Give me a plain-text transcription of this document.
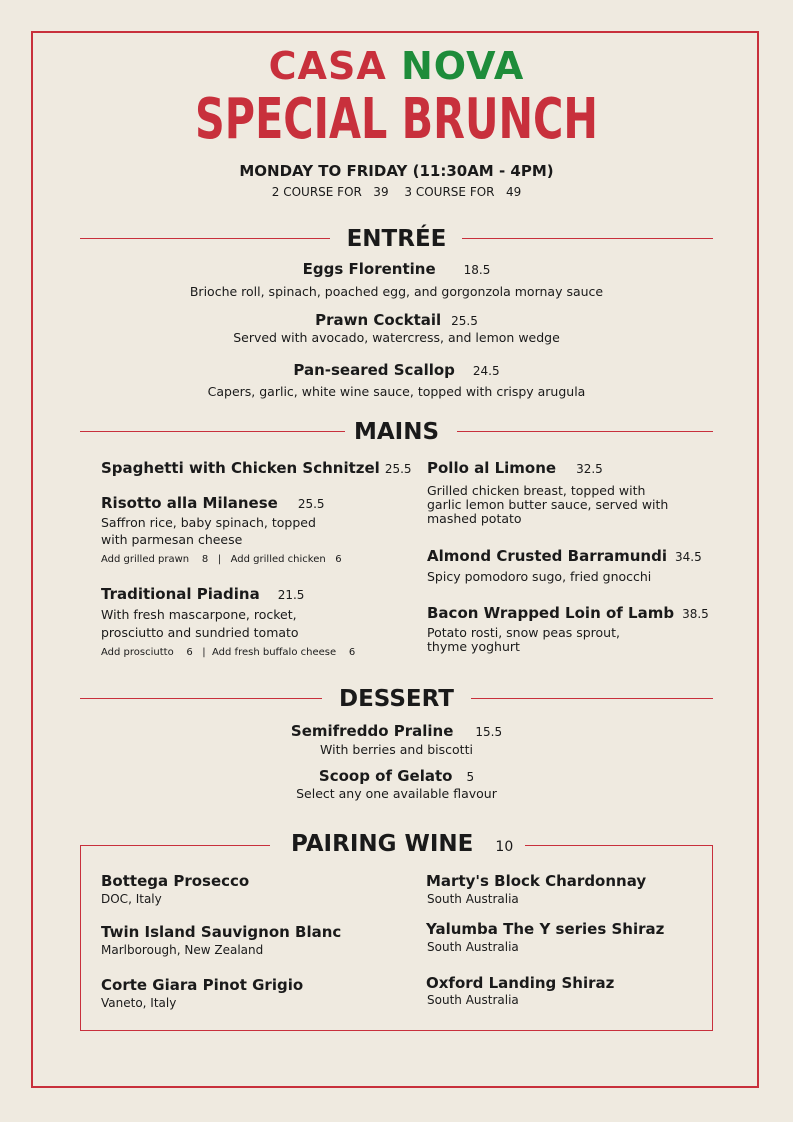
CASA NOVA
SPECIAL BRUNCH
MONDAY TO FRIDAY (11:30AM - 4PM)
2 COURSE FOR   39 3 COURSE FOR   49
ENTRÉE
Eggs Florentine 18.5
Brioche roll, spinach, poached egg, and gorgonzola mornay sauce
Prawn Cocktail 25.5
Served with avocado, watercress, and lemon wedge
Pan-seared Scallop 24.5
Capers, garlic, white wine sauce, topped with crispy arugula
MAINS
Spaghetti with Chicken Schnitzel 25.5
Risotto alla Milanese 25.5
Saffron rice, baby spinach, topped
with parmesan cheese
Add grilled prawn    8   |   Add grilled chicken   6
Traditional Piadina 21.5
With fresh mascarpone, rocket,
prosciutto and sundried tomato
Add prosciutto    6   |  Add fresh buffalo cheese    6
Pollo al Limone 32.5
Grilled chicken breast, topped with
garlic lemon butter sauce, served with
mashed potato
Almond Crusted Barramundi 34.5
Spicy pomodoro sugo, fried gnocchi
Bacon Wrapped Loin of Lamb 38.5
Potato rosti, snow peas sprout,
thyme yoghurt
DESSERT
Semifreddo Praline 15.5
With berries and biscotti
Scoop of Gelato 5
Select any one available flavour
PAIRING WINE 10
Bottega Prosecco
DOC, Italy
Twin Island Sauvignon Blanc
Marlborough, New Zealand
Corte Giara Pinot Grigio
Vaneto, Italy
Marty's Block Chardonnay
South Australia
Yalumba The Y series Shiraz
South Australia
Oxford Landing Shiraz
South Australia
